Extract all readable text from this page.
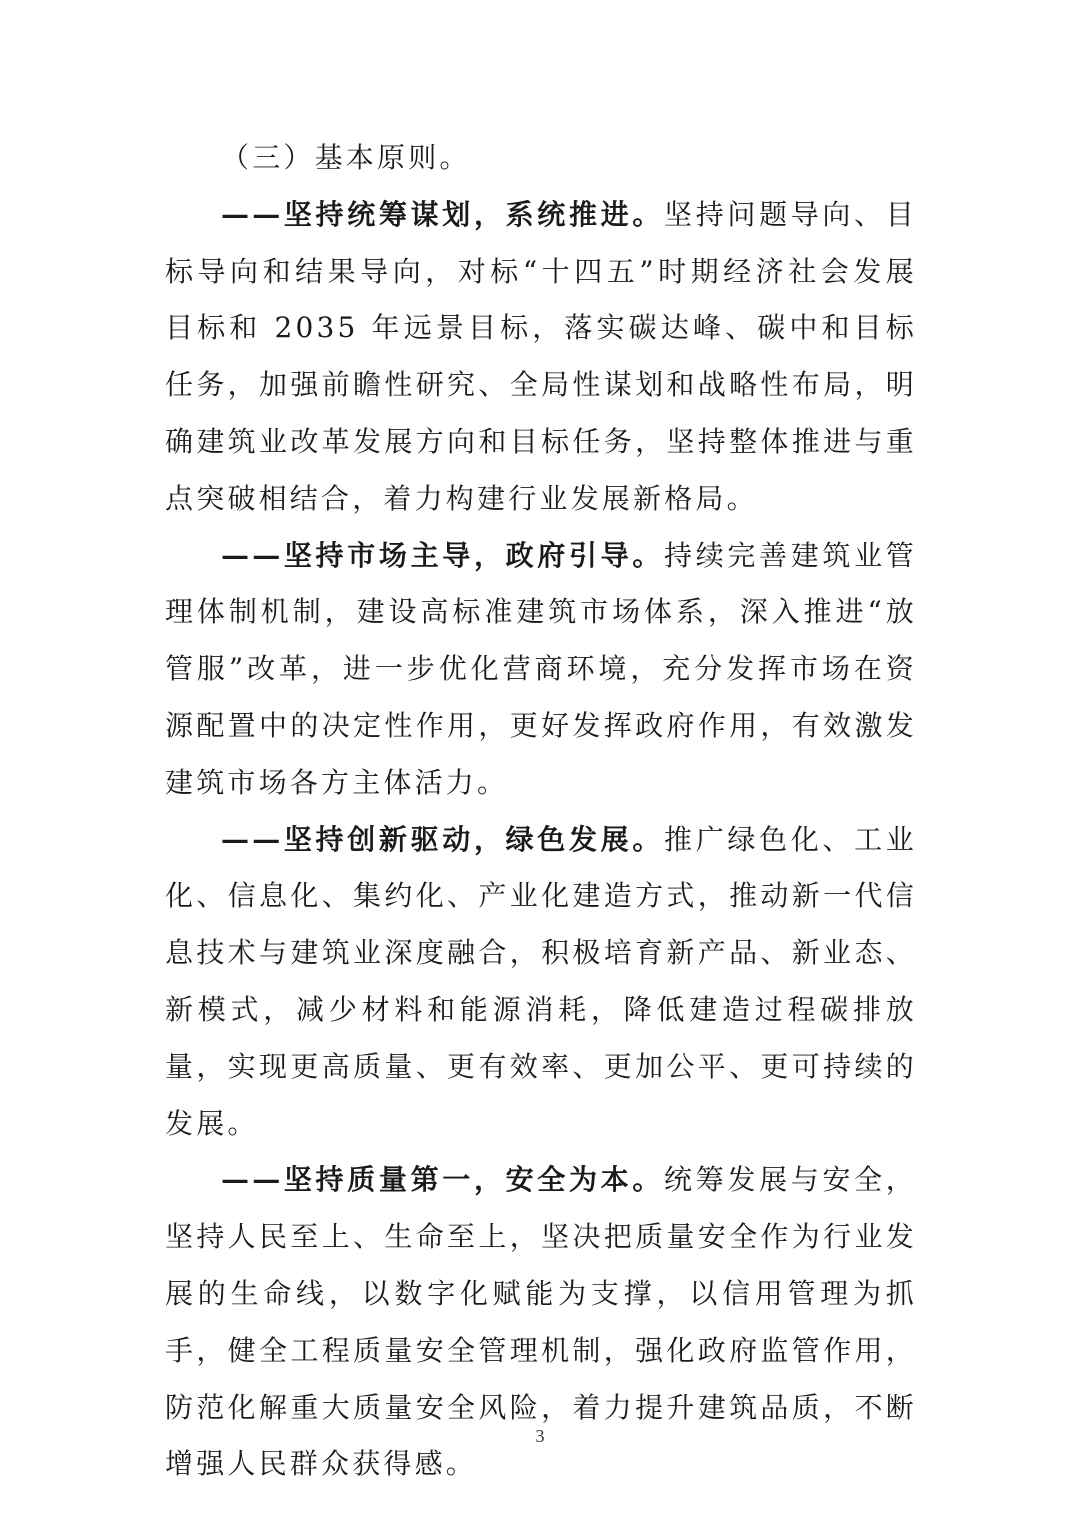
（三）基本原则。

——坚持统筹谋划，系统推进。坚持问题导向、目标导向和结果导向，对标“十四五”时期经济社会发展目标和 2035 年远景目标，落实碳达峰、碳中和目标任务，加强前瞻性研究、全局性谋划和战略性布局，明确建筑业改革发展方向和目标任务，坚持整体推进与重点突破相结合，着力构建行业发展新格局。

——坚持市场主导，政府引导。持续完善建筑业管理体制机制，建设高标准建筑市场体系，深入推进“放管服”改革，进一步优化营商环境，充分发挥市场在资源配置中的决定性作用，更好发挥政府作用，有效激发建筑市场各方主体活力。

——坚持创新驱动，绿色发展。推广绿色化、工业化、信息化、集约化、产业化建造方式，推动新一代信息技术与建筑业深度融合，积极培育新产品、新业态、新模式，减少材料和能源消耗，降低建造过程碳排放量，实现更高质量、更有效率、更加公平、更可持续的发展。

——坚持质量第一，安全为本。统筹发展与安全，坚持人民至上、生命至上，坚决把质量安全作为行业发展的生命线，以数字化赋能为支撑，以信用管理为抓手，健全工程质量安全管理机制，强化政府监管作用，防范化解重大质量安全风险，着力提升建筑品质，不断增强人民群众获得感。

3
